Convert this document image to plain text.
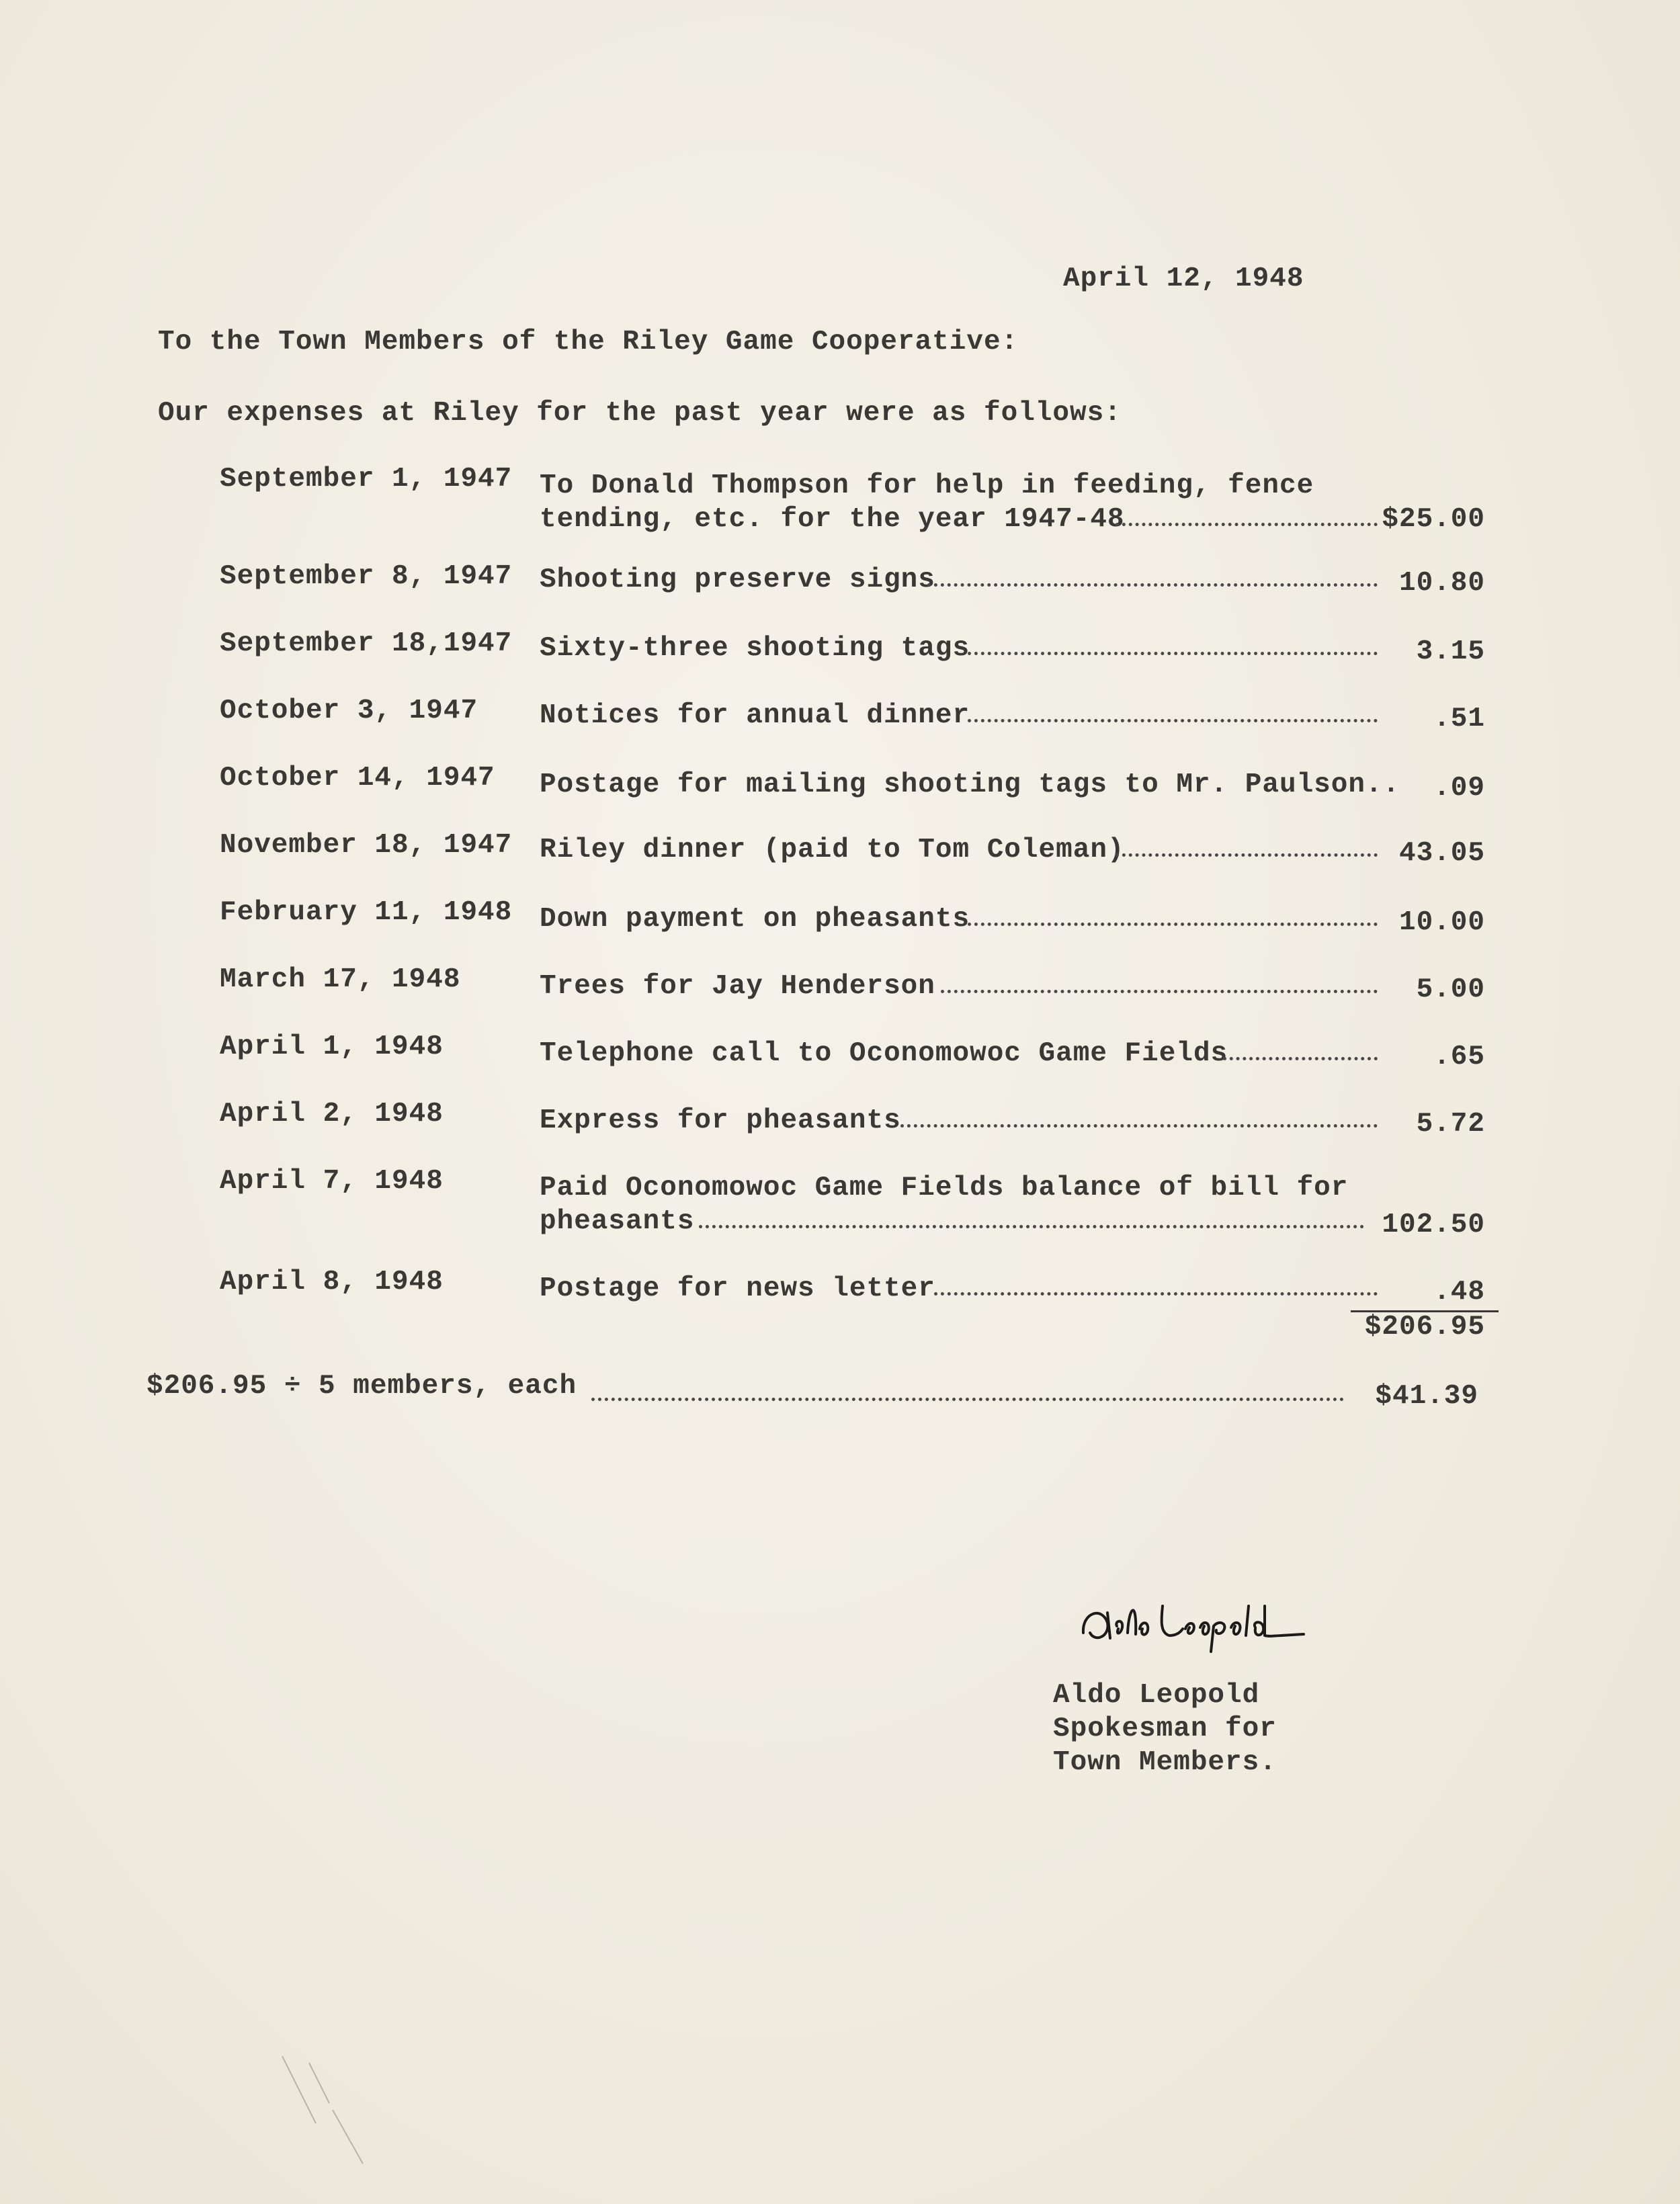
April 12, 1948
To the Town Members of the Riley Game Cooperative:
Our expenses at Riley for the past year were as follows:
September 1, 1947 To Donald Thompson for help in feeding, fence
tending, etc. for the year 1947-48	$25.00
September 8, 1947 Shooting preserve signs	10.80
September 18,1947 Sixty-three shooting tags	3.15
October 3, 1947 Notices for annual dinner	.51
October 14, 1947 Postage for mailing shooting tags to Mr. Paulson.. .09
November 18, 1947 Riley dinner (paid to Tom Coleman)	43.05
February 11, 1948 Down payment on pheasants	10.00
March 17, 1948	Trees for Jay Henderson	5.00
April 1, 1948	Telephone call to Oconomowoc Game Fields	.65
April 2, 1948	Express for pheasants	5.72
April 7, 1948	Paid Oconomowoc Game Fields balance of bill for
pheasants	102.50
April 8, 1948	Postage for news letter	.48
$206.95
$206.95 ÷ 5 members, each	$41.39
Aldo Leopold
Spokesman for
Town Members.
